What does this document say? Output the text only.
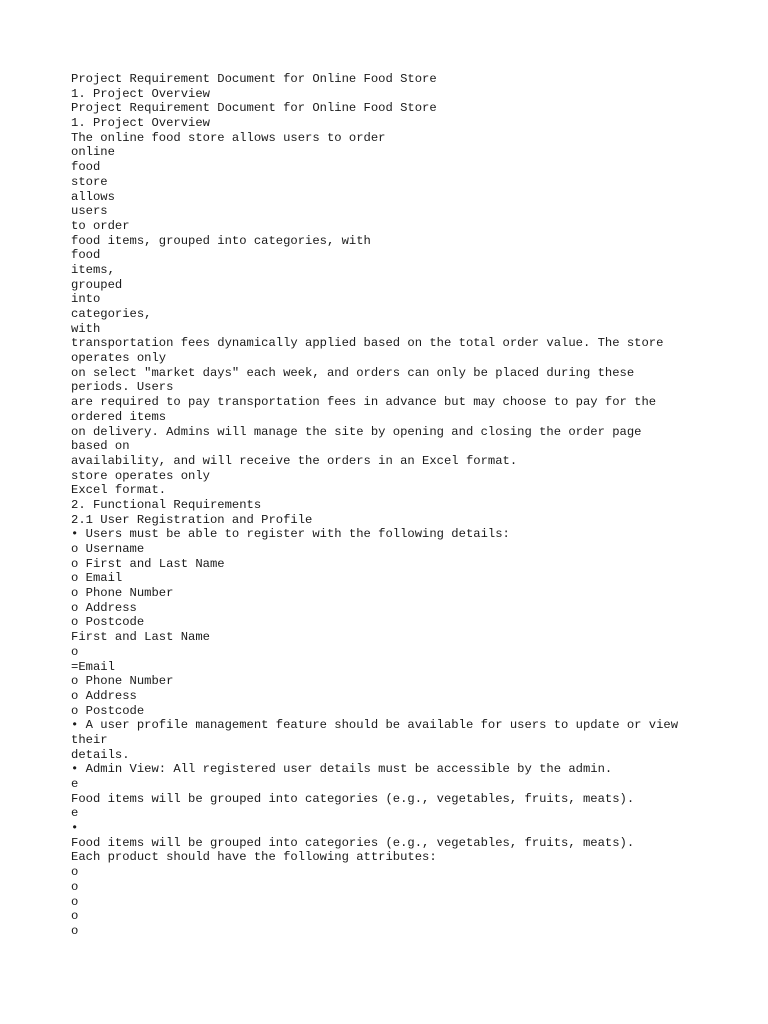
Project Requirement Document for Online Food Store
1. Project Overview
Project Requirement Document for Online Food Store
1. Project Overview
The online food store allows users to order
online
food
store
allows
users
to order
food items, grouped into categories, with
food
items,
grouped
into
categories,
with
transportation fees dynamically applied based on the total order value. The store
operates only
on select "market days" each week, and orders can only be placed during these
periods. Users
are required to pay transportation fees in advance but may choose to pay for the
ordered items
on delivery. Admins will manage the site by opening and closing the order page
based on
availability, and will receive the orders in an Excel format.
store operates only
Excel format.
2. Functional Requirements
2.1 User Registration and Profile
• Users must be able to register with the following details:
o Username
o First and Last Name
o Email
o Phone Number
o Address
o Postcode
First and Last Name
o
=Email
o Phone Number
o Address
o Postcode
• A user profile management feature should be available for users to update or view
their
details.
• Admin View: All registered user details must be accessible by the admin.
e
Food items will be grouped into categories (e.g., vegetables, fruits, meats).
e
•
Food items will be grouped into categories (e.g., vegetables, fruits, meats).
Each product should have the following attributes:
o
o
o
o
o
